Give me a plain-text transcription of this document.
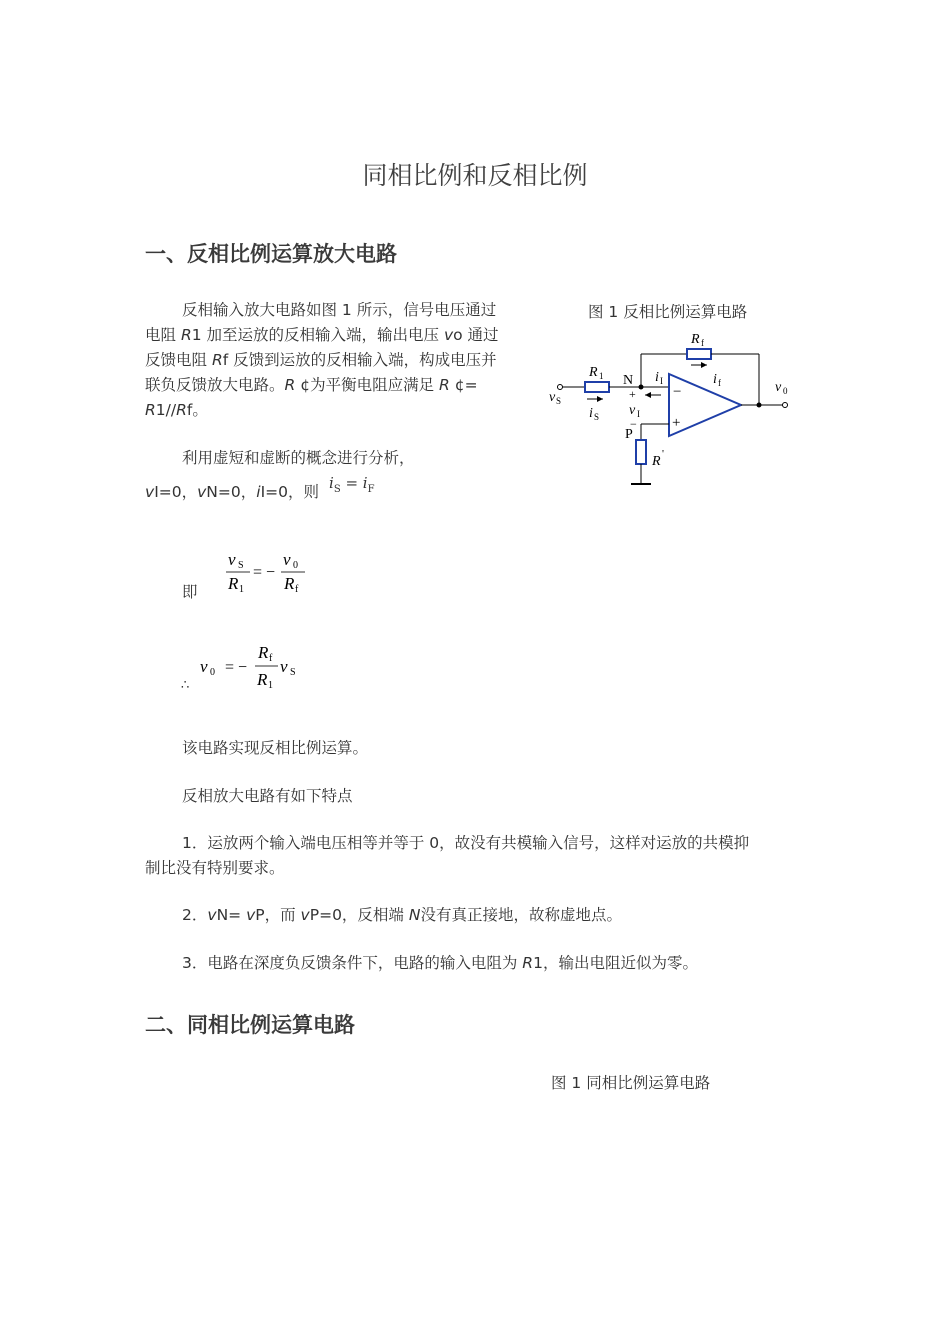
同相比例和反相比例
一、反相比例运算放大电路
反相输入放大电路如图 1 所示，信号电压通过
电阻 R1 加至运放的反相输入端，输出电压 vo 通过
反馈电阻 Rf 反馈到运放的反相输入端，构成电压并
联负反馈放大电路。R ¢为平衡电阻应满足 R ¢=
R1//Rf。
利用虚短和虚断的概念进行分析，
vI=0，vN=0，iI=0，则 $i_S = i_F$
即
v S
R 1
= −
v 0
R f
∴
v 0 = −
R f
R 1
v S
该电路实现反相比例运算。
反相放大电路有如下特点
1．运放两个输入端电压相等并等于 0，故没有共模输入信号，这样对运放的共模抑
制比没有特别要求。
2．vN= vP，而 vP=0，反相端 N没有真正接地，故称虚地点。
3．电路在深度负反馈条件下，电路的输入电阻为 R1，输出电阻近似为零。
图 1 反相比例运算电路
R f
R 1
i S
v S
N i I
+
v I
−
−
+
i f	v 0
P
R '
二、同相比例运算电路
图 1 同相比例运算电路
